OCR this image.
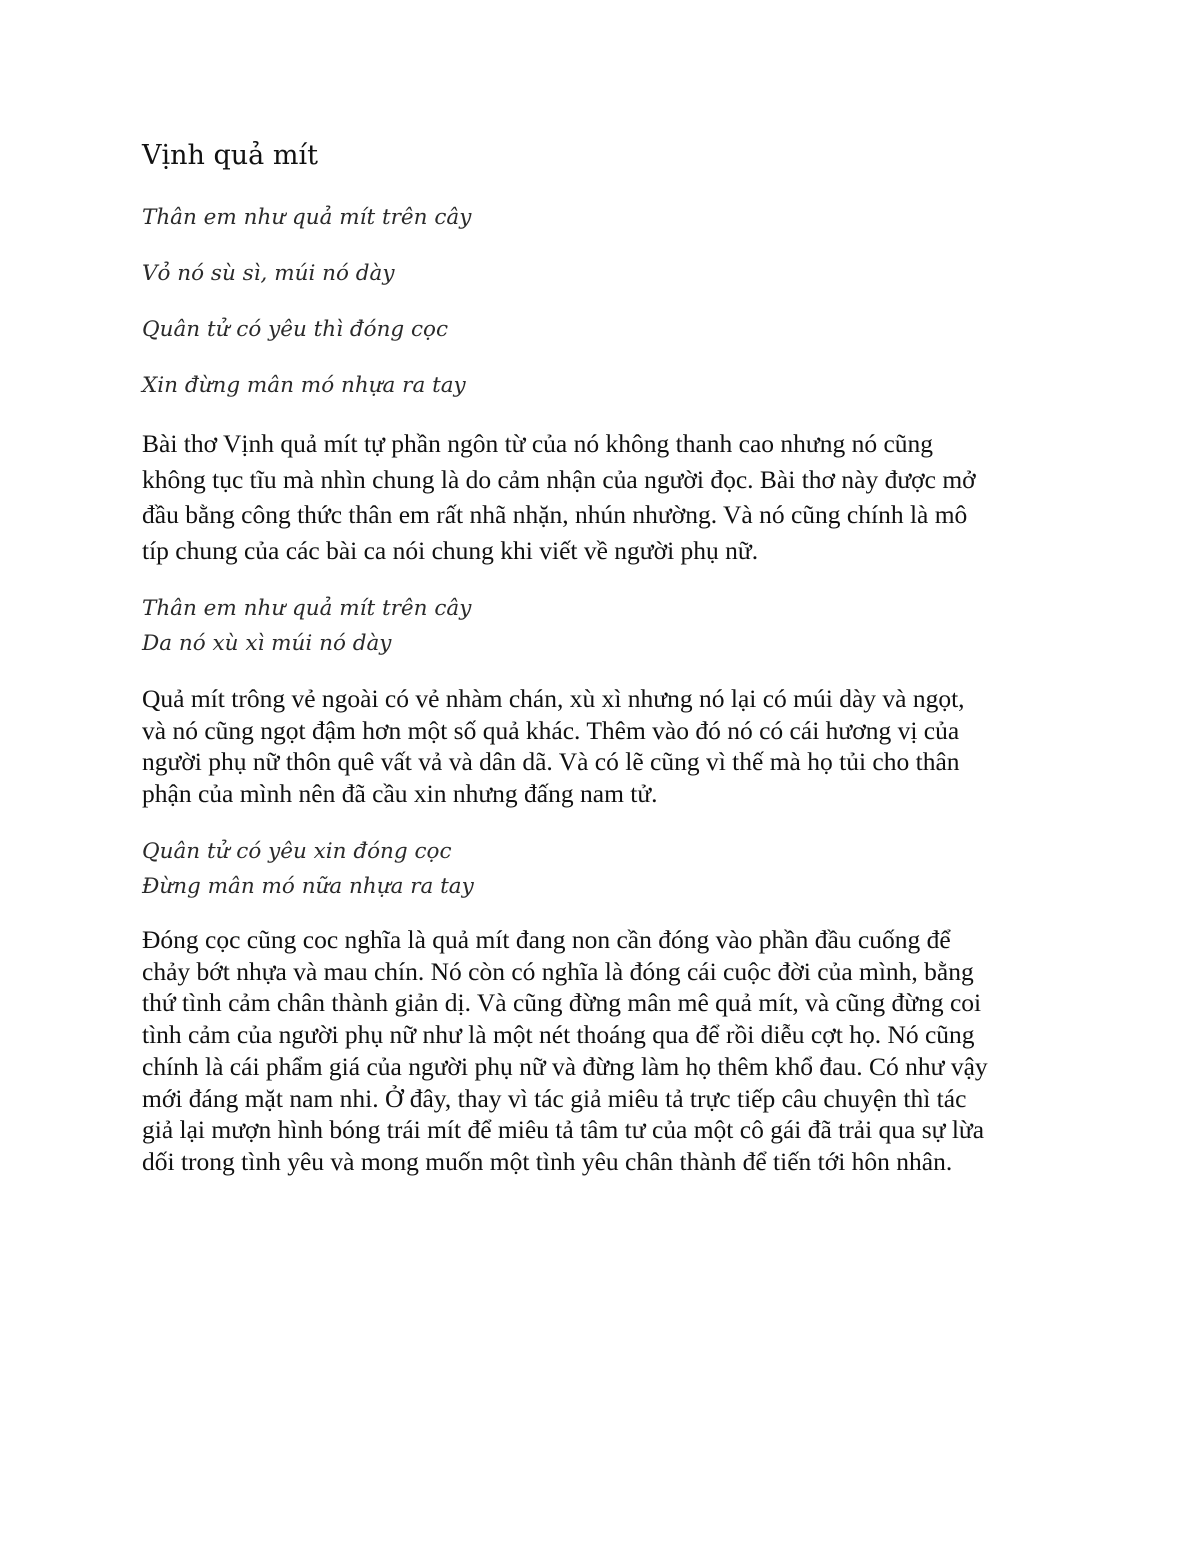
Vịnh quả mít

Thân em như quả mít trên cây

Vỏ nó sù sì, múi nó dày

Quân tử có yêu thì đóng cọc

Xin đừng mân mó nhựa ra tay

Bài thơ Vịnh quả mít tự phần ngôn từ của nó không thanh cao nhưng nó cũng
không tục tĩu mà nhìn chung là do cảm nhận của người đọc. Bài thơ này được mở
đầu bằng công thức thân em rất nhã nhặn, nhún nhường. Và nó cũng chính là mô
típ chung của các bài ca nói chung khi viết về người phụ nữ.
Thân em như quả mít trên cây
Da nó xù xì múi nó dày
Quả mít trông vẻ ngoài có vẻ nhàm chán, xù xì nhưng nó lại có múi dày và ngọt,
và nó cũng ngọt đậm hơn một số quả khác. Thêm vào đó nó có cái hương vị của
người phụ nữ thôn quê vất vả và dân dã. Và có lẽ cũng vì thế mà họ tủi cho thân
phận của mình nên đã cầu xin nhưng đấng nam tử.
Quân tử có yêu xin đóng cọc
Đừng mân mó nữa nhựa ra tay
Đóng cọc cũng coc nghĩa là quả mít đang non cần đóng vào phần đầu cuống để
chảy bớt nhựa và mau chín. Nó còn có nghĩa là đóng cái cuộc đời của mình, bằng
thứ tình cảm chân thành giản dị. Và cũng đừng mân mê quả mít, và cũng đừng coi
tình cảm của người phụ nữ như là một nét thoáng qua để rồi diễu cợt họ. Nó cũng
chính là cái phẩm giá của người phụ nữ và đừng làm họ thêm khổ đau. Có như vậy
mới đáng mặt nam nhi. Ở đây, thay vì tác giả miêu tả trực tiếp câu chuyện thì tác
giả lại mượn hình bóng trái mít để miêu tả tâm tư của một cô gái đã trải qua sự lừa
dối trong tình yêu và mong muốn một tình yêu chân thành để tiến tới hôn nhân.
